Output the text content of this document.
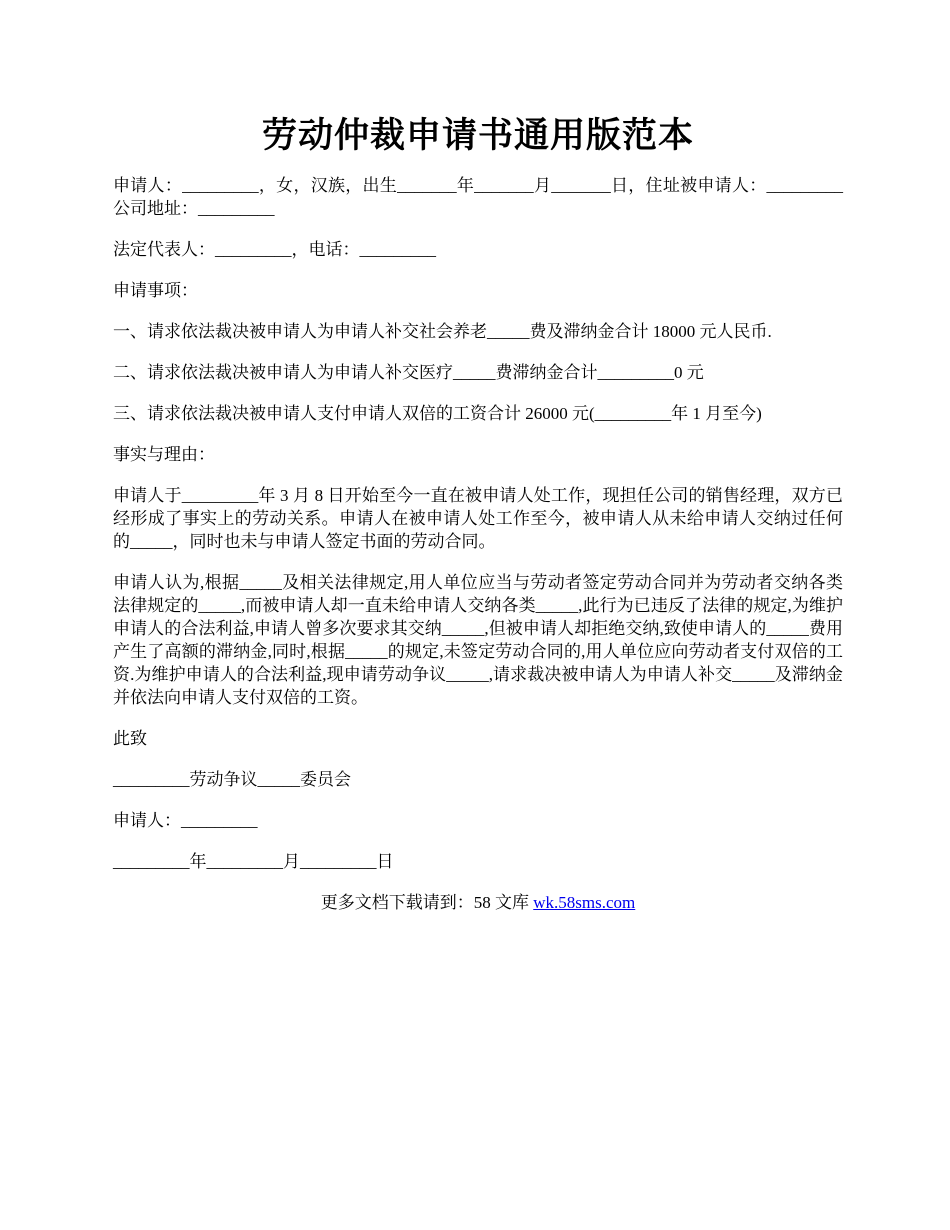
劳动仲裁申请书通用版范本

申请人：_________，女，汉族，出生_______年_______月_______日，住址被申请人：_________公司地址：_________

法定代表人：_________，电话：_________

申请事项：

一、请求依法裁决被申请人为申请人补交社会养老_____费及滞纳金合计 18000 元人民币.

二、请求依法裁决被申请人为申请人补交医疗_____费滞纳金合计_________0 元

三、请求依法裁决被申请人支付申请人双倍的工资合计 26000 元(_________年 1 月至今)

事实与理由：

申请人于_________年 3 月 8 日开始至今一直在被申请人处工作，现担任公司的销售经理，双方已经形成了事实上的劳动关系。申请人在被申请人处工作至今，被申请人从未给申请人交纳过任何的_____，同时也未与申请人签定书面的劳动合同。

申请人认为,根据_____及相关法律规定,用人单位应当与劳动者签定劳动合同并为劳动者交纳各类法律规定的_____,而被申请人却一直未给申请人交纳各类_____,此行为已违反了法律的规定,为维护申请人的合法利益,申请人曾多次要求其交纳_____,但被申请人却拒绝交纳,致使申请人的_____费用产生了高额的滞纳金,同时,根据_____的规定,未签定劳动合同的,用人单位应向劳动者支付双倍的工资.为维护申请人的合法利益,现申请劳动争议_____,请求裁决被申请人为申请人补交_____及滞纳金并依法向申请人支付双倍的工资。

此致

_________劳动争议_____委员会

申请人：_________

_________年_________月_________日

更多文档下载请到：58 文库 wk.58sms.com
